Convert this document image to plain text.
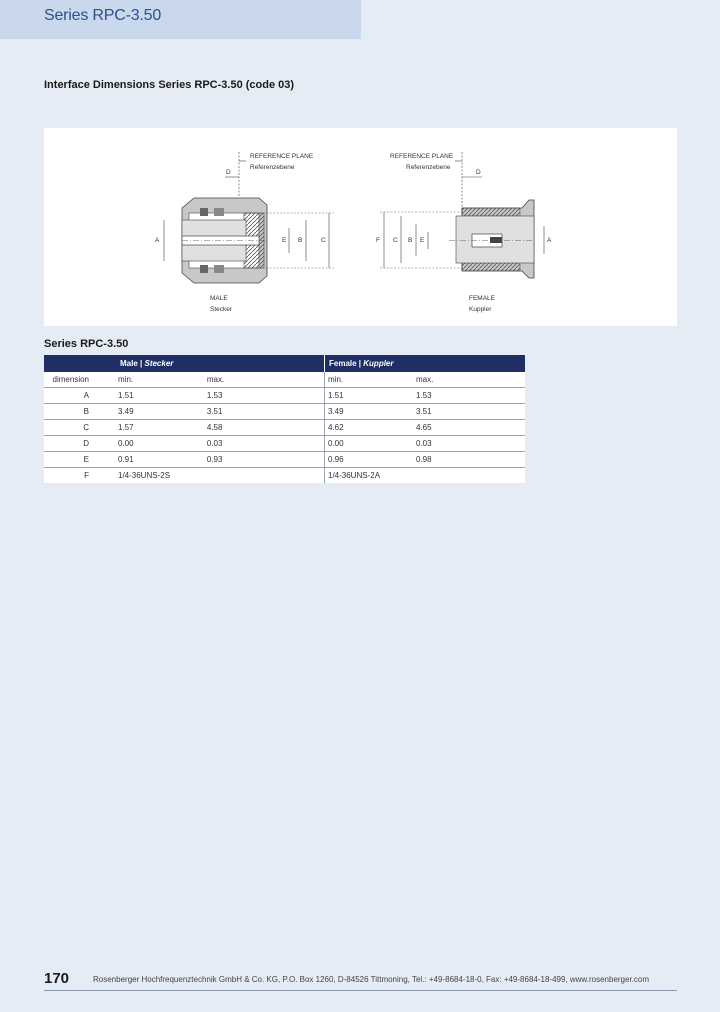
Series RPC-3.50
Interface Dimensions Series RPC-3.50 (code 03)
REFERENCE PLANE
Referenzebene
D
A	E B	C
MALE
Stecker
REFERENCE PLANE
Referenzebene
D
F C B E	A
FEMALE
Kuppler
Series RPC-3.50
	Male | Stecker		Female | Kuppler	
dimension	min.	max.	min.	max.
A	1.51	1.53	1.51	1.53
B	3.49	3.51	3.49	3.51
C	1.57	4.58	4.62	4.65
D	0.00	0.03	0.00	0.03
E	0.91	0.93	0.96	0.98
F	1/4-36UNS-2S		1/4-36UNS-2A	
170	Rosenberger Hochfrequenztechnik GmbH & Co. KG, P.O. Box 1260, D-84526 Tittmoning, Tel.: +49-8684-18-0, Fax: +49-8684-18-499, www.rosenberger.com
